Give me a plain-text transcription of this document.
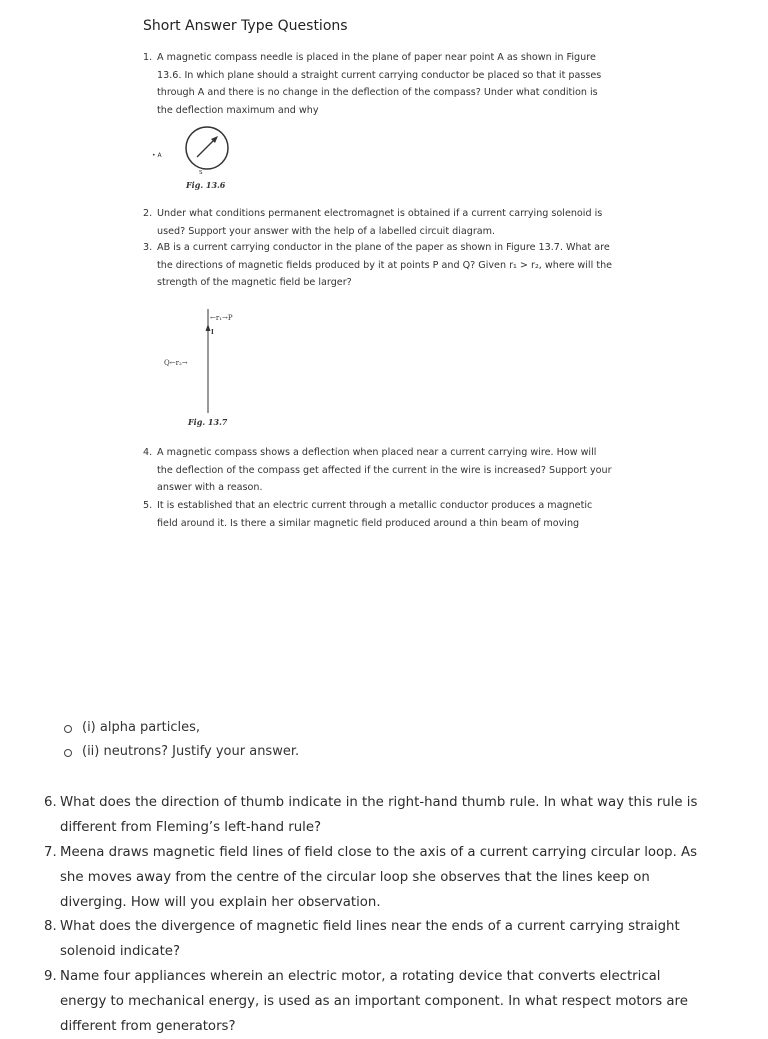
Short Answer Type Questions
1. A magnetic compass needle is placed in the plane of paper near point A as shown in Figure 13.6. In which plane should a straight current carrying conductor be placed so that it passes through A and there is no change in the deflection of the compass? Under what condition is the deflection maximum and why
• A
S
Fig. 13.6
2. Under what conditions permanent electromagnet is obtained if a current carrying solenoid is used? Support your answer with the help of a labelled circuit diagram.
3. AB is a current carrying conductor in the plane of the paper as shown in Figure 13.7. What are the directions of magnetic fields produced by it at points P and Q? Given r₁ > r₂, where will the strength of the magnetic field be larger?
I
←r₁→P
Q←r₂→
Fig. 13.7
4. A magnetic compass shows a deflection when placed near a current carrying wire. How will the deflection of the compass get affected if the current in the wire is increased? Support your answer with a reason.
5. It is established that an electric current through a metallic conductor produces a magnetic field around it. Is there a similar magnetic field produced around a thin beam of moving
(i) alpha particles,
(ii) neutrons? Justify your answer.
6. What does the direction of thumb indicate in the right-hand thumb rule. In what way this rule is different from Fleming’s left-hand rule?
7. Meena draws magnetic field lines of field close to the axis of a current carrying circular loop. As she moves away from the centre of the circular loop she observes that the lines keep on diverging. How will you explain her observation.
8. What does the divergence of magnetic field lines near the ends of a current carrying straight solenoid indicate?
9. Name four appliances wherein an electric motor, a rotating device that converts electrical energy to mechanical energy, is used as an important component. In what respect motors are different from generators?
